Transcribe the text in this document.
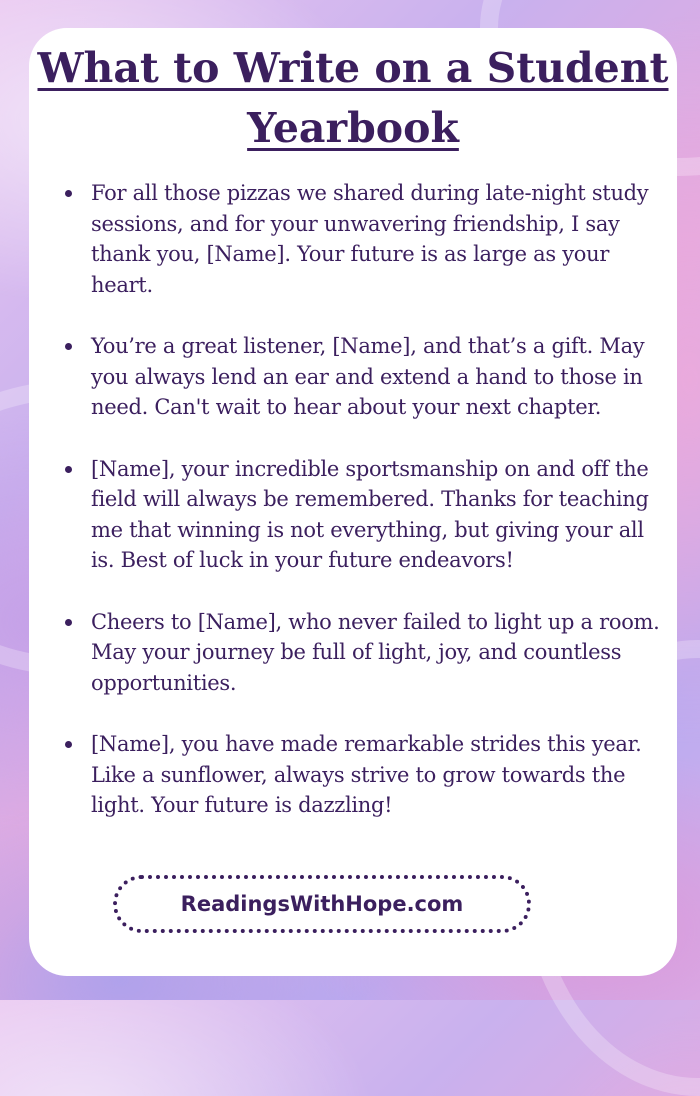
What to Write on a Student Yearbook
For all those pizzas we shared during late-night study sessions, and for your unwavering friendship, I say thank you, [Name]. Your future is as large as your heart.
You’re a great listener, [Name], and that’s a gift. May you always lend an ear and extend a hand to those in need. Can't wait to hear about your next chapter.
[Name], your incredible sportsmanship on and off the field will always be remembered. Thanks for teaching me that winning is not everything, but giving your all is. Best of luck in your future endeavors!
Cheers to [Name], who never failed to light up a room. May your journey be full of light, joy, and countless opportunities.
[Name], you have made remarkable strides this year. Like a sunflower, always strive to grow towards the light. Your future is dazzling!
ReadingsWithHope.com
